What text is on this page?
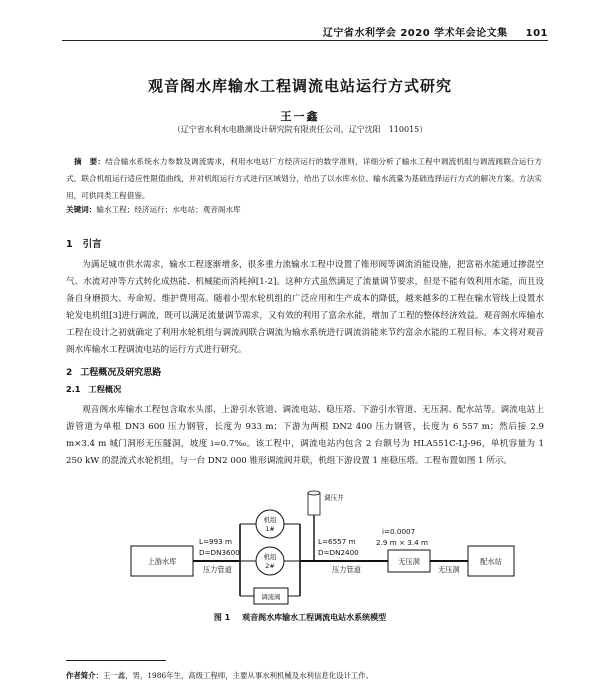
辽宁省水利学会 2020 学术年会论文集 101
观音阁水库输水工程调流电站运行方式研究
王一鑫
（辽宁省水利水电勘测设计研究院有限责任公司，辽宁沈阳　110015）
摘　要：结合输水系统水力参数及调流需求，利用水电站厂方经济运行的数学准则，详细分析了输水工程中调流机组与调流阀联合运行方式，联合机组运行适应性限值曲线，并对机组运行方式进行区域划分，给出了以水库水位、输水流量为基础选择运行方式的解决方案。方法实用，可供同类工程借鉴。
关键词：输水工程；经济运行；水电站；观音阁水库
1 引言
为满足城市供水需求，输水工程逐渐增多，很多重力流输水工程中设置了锥形阀等调流消能设施，把富裕水能通过掺混空气、水流对冲等方式转化成热能、机械能而消耗掉[1-2]。这种方式虽然满足了流量调节要求，但是不能有效利用水能，而且设备自身磨损大、寿命短、维护费用高。随着小型水轮机组的广泛应用和生产成本的降低，越来越多的工程在输水管线上设置水轮发电机组[3]进行调流，既可以满足流量调节需求，又有效的利用了富余水能，增加了工程的整体经济效益。观音阁水库输水工程在设计之初就确定了利用水轮机组与调流阀联合调流为输水系统进行调流消能来节约富余水能的工程目标。本文将对观音阁水库输水工程调流电站的运行方式进行研究。
2 工程概况及研究思路
2.1 工程概况
观音阁水库输水工程包含取水头部、上游引水管道、调流电站、稳压塔、下游引水管道、无压洞、配水站等。调流电站上游管道为单根 DN3 600 压力钢管，长度为 933 m；下游为两根 DN2 400 压力钢管，长度为 6 557 m；然后接 2.9 m×3.4 m 城门洞形无压隧洞，坡度 i=0.7‰。该工程中，调流电站内包含 2 台额号为 HLA551C-LJ-96，单机容量为 1 250 kW 的混流式水轮机组，与一台 DN2 000 锥形调流阀并联，机组下游设置 1 座稳压塔。工程布置如图 1 所示。
上游水库
L=993 m
D=DN3600
压力管道
机组
1#
机组
2#
调流阀
调压井
L=6557 m
D=DN2400
压力管道
i=0.0007
2.9 m × 3.4 m
无压洞
无压洞
配水站
图 1 观音阁水库输水工程调流电站水系统模型
作者简介：王一鑫，男，1986年生，高级工程师，主要从事水利机械及水利信息化设计工作。
